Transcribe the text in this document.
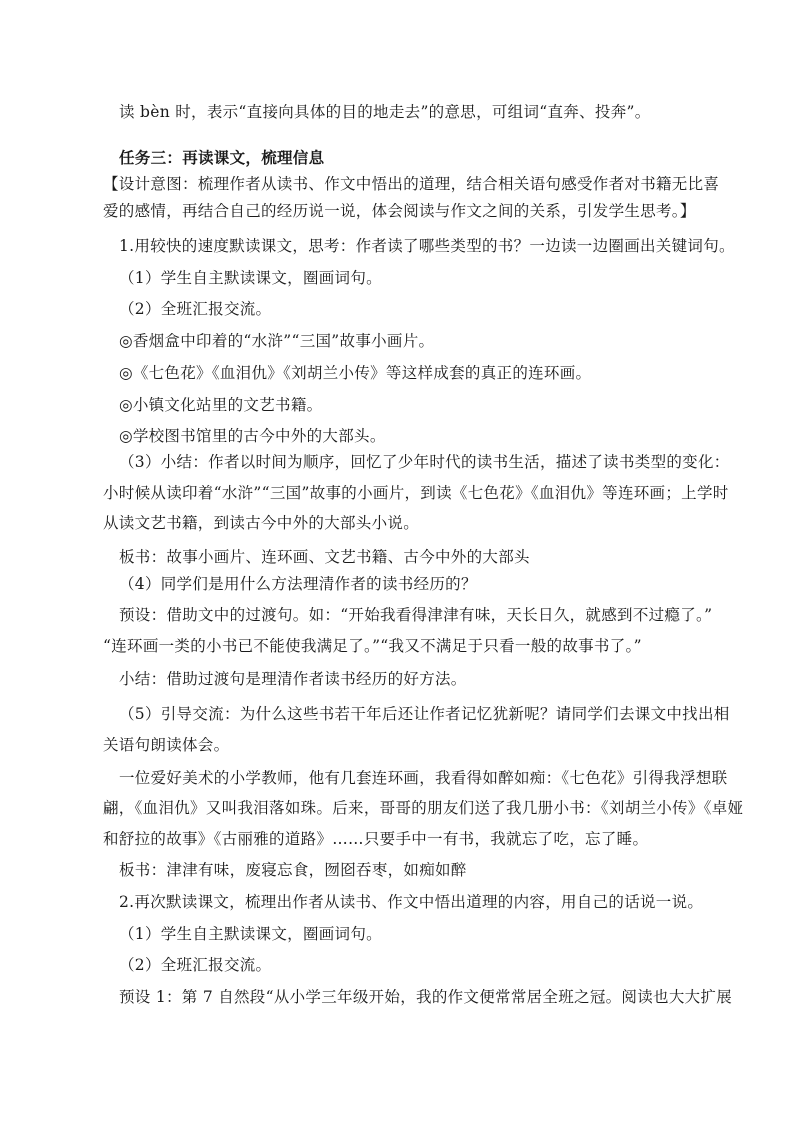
读 bèn 时，表示“直接向具体的目的地走去”的意思，可组词“直奔、投奔”。
任务三：再读课文，梳理信息
【设计意图：梳理作者从读书、作文中悟出的道理，结合相关语句感受作者对书籍无比喜
爱的感情，再结合自己的经历说一说，体会阅读与作文之间的关系，引发学生思考。】
1.用较快的速度默读课文，思考：作者读了哪些类型的书？一边读一边圈画出关键词句。
（1）学生自主默读课文，圈画词句。
（2）全班汇报交流。
◎香烟盒中印着的“水浒”“三国”故事小画片。
◎《七色花》《血泪仇》《刘胡兰小传》等这样成套的真正的连环画。
◎小镇文化站里的文艺书籍。
◎学校图书馆里的古今中外的大部头。
（3）小结：作者以时间为顺序，回忆了少年时代的读书生活，描述了读书类型的变化：
小时候从读印着“水浒”“三国”故事的小画片，到读《七色花》《血泪仇》等连环画；上学时
从读文艺书籍，到读古今中外的大部头小说。
板书：故事小画片、连环画、文艺书籍、古今中外的大部头
（4）同学们是用什么方法理清作者的读书经历的？
预设：借助文中的过渡句。如：“开始我看得津津有味，天长日久，就感到不过瘾了。”
“连环画一类的小书已不能使我满足了。”“我又不满足于只看一般的故事书了。”
小结：借助过渡句是理清作者读书经历的好方法。
（5）引导交流：为什么这些书若干年后还让作者记忆犹新呢？请同学们去课文中找出相
关语句朗读体会。
一位爱好美术的小学教师，他有几套连环画，我看得如醉如痴：《七色花》引得我浮想联
翩，《血泪仇》又叫我泪落如珠。后来，哥哥的朋友们送了我几册小书：《刘胡兰小传》《卓娅
和舒拉的故事》《古丽雅的道路》……只要手中一有书，我就忘了吃，忘了睡。
板书：津津有味，废寝忘食，囫囵吞枣，如痴如醉
2.再次默读课文，梳理出作者从读书、作文中悟出道理的内容，用自己的话说一说。
（1）学生自主默读课文，圈画词句。
（2）全班汇报交流。
预设 1：第 7 自然段“从小学三年级开始，我的作文便常常居全班之冠。阅读也大大扩展
